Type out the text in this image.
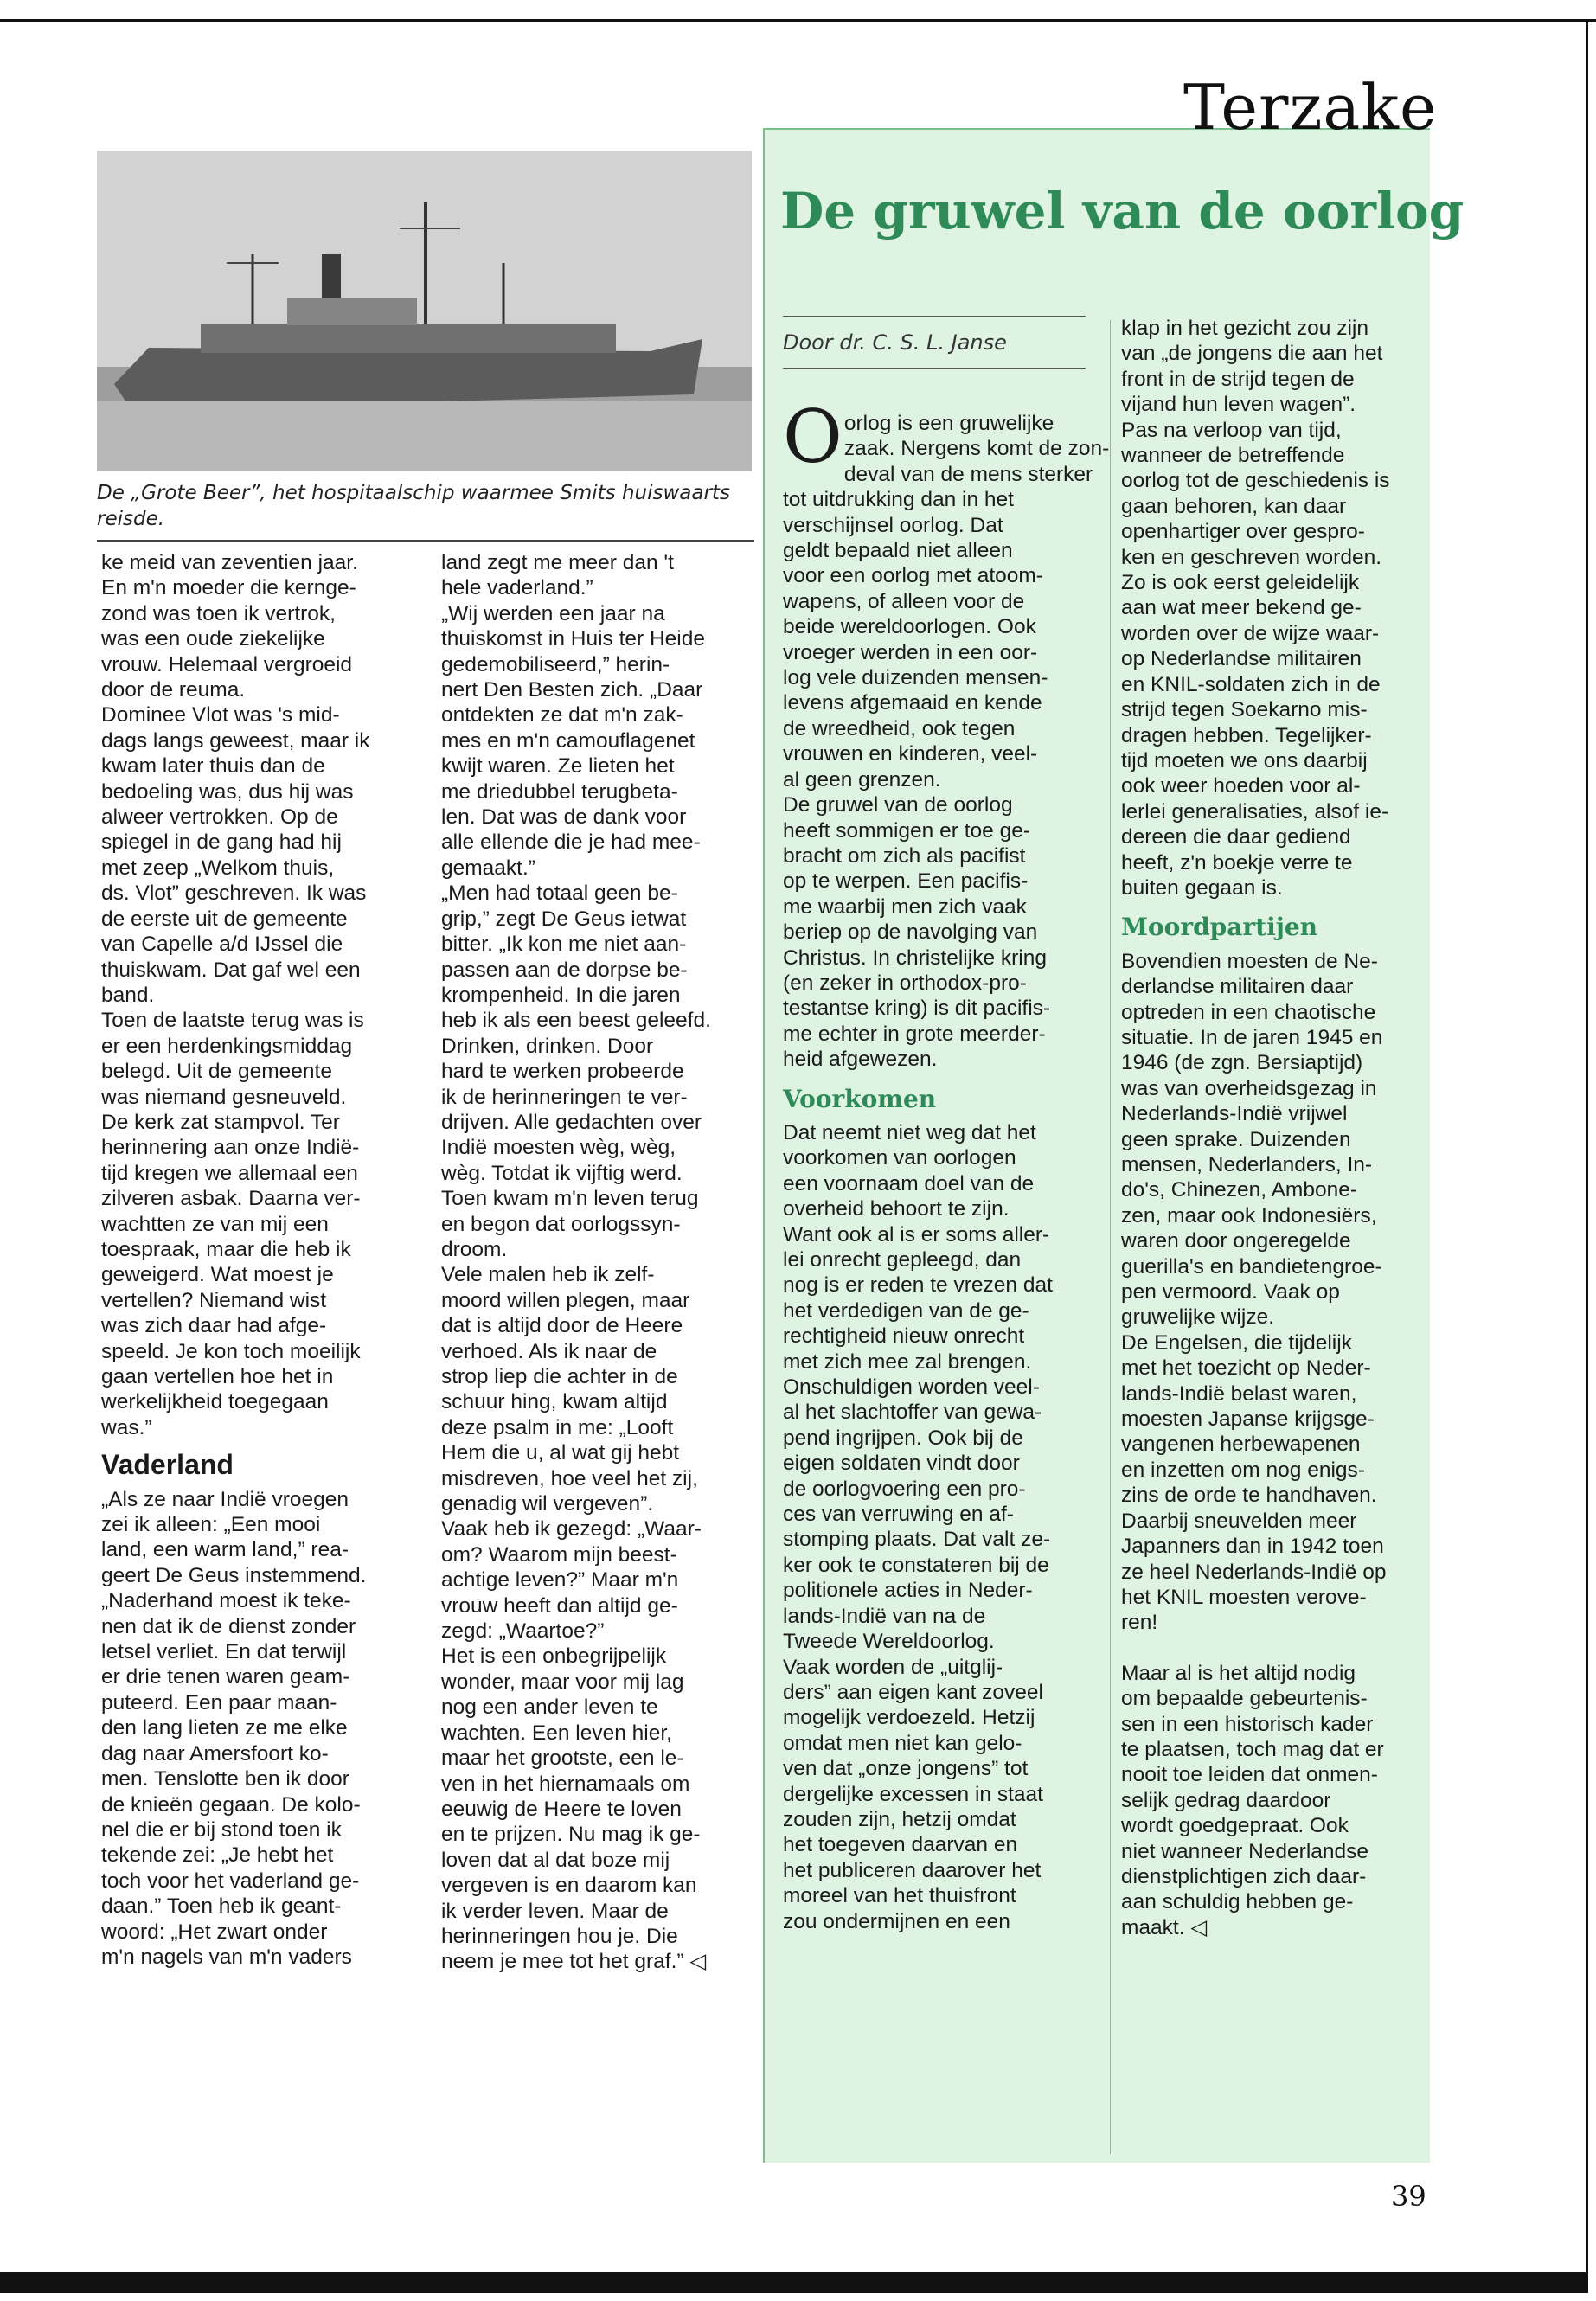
Terzake
De gruwel van de oorlog
De „Grote Beer”, het hospitaalschip waarmee Smits huiswaarts reisde.

ke meid van zeventien jaar.
En m'n moeder die kernge-
zond was toen ik vertrok,
was een oude ziekelijke
vrouw. Helemaal vergroeid
door de reuma.

Dominee Vlot was 's mid-
dags langs geweest, maar ik
kwam later thuis dan de
bedoeling was, dus hij was
alweer vertrokken. Op de
spiegel in de gang had hij
met zeep „Welkom thuis,
ds. Vlot” geschreven. Ik was
de eerste uit de gemeente
van Capelle a/d IJssel die
thuiskwam. Dat gaf wel een
band.

Toen de laatste terug was is
er een herdenkingsmiddag
belegd. Uit de gemeente
was niemand gesneuveld.
De kerk zat stampvol. Ter
herinnering aan onze Indië-
tijd kregen we allemaal een
zilveren asbak. Daarna ver-
wachtten ze van mij een
toespraak, maar die heb ik
geweigerd. Wat moest je
vertellen? Niemand wist
was zich daar had afge-
speeld. Je kon toch moeilijk
gaan vertellen hoe het in
werkelijkheid toegegaan
was.”

Vaderland

„Als ze naar Indië vroegen
zei ik alleen: „Een mooi
land, een warm land,” rea-
geert De Geus instemmend.
„Naderhand moest ik teke-
nen dat ik de dienst zonder
letsel verliet. En dat terwijl
er drie tenen waren geam-
puteerd. Een paar maan-
den lang lieten ze me elke
dag naar Amersfoort ko-
men. Tenslotte ben ik door
de knieën gegaan. De kolo-
nel die er bij stond toen ik
tekende zei: „Je hebt het
toch voor het vaderland ge-
daan.” Toen heb ik geant-
woord: „Het zwart onder
m'n nagels van m'n vaders

land zegt me meer dan 't
hele vaderland.”

„Wij werden een jaar na
thuiskomst in Huis ter Heide
gedemobiliseerd,” herin-
nert Den Besten zich. „Daar
ontdekten ze dat m'n zak-
mes en m'n camouflagenet
kwijt waren. Ze lieten het
me driedubbel terugbeta-
len. Dat was de dank voor
alle ellende die je had mee-
gemaakt.”

„Men had totaal geen be-
grip,” zegt De Geus ietwat
bitter. „Ik kon me niet aan-
passen aan de dorpse be-
krompenheid. In die jaren
heb ik als een beest geleefd.
Drinken, drinken. Door
hard te werken probeerde
ik de herinneringen te ver-
drijven. Alle gedachten over
Indië moesten wèg, wèg,
wèg. Totdat ik vijftig werd.
Toen kwam m'n leven terug
en begon dat oorlogssyn-
droom.

Vele malen heb ik zelf-
moord willen plegen, maar
dat is altijd door de Heere
verhoed. Als ik naar de
strop liep die achter in de
schuur hing, kwam altijd
deze psalm in me: „Looft
Hem die u, al wat gij hebt
misdreven, hoe veel het zij,
genadig wil vergeven”.

Vaak heb ik gezegd: „Waar-
om? Waarom mijn beest-
achtige leven?” Maar m'n
vrouw heeft dan altijd ge-
zegd: „Waartoe?”

Het is een onbegrijpelijk
wonder, maar voor mij lag
nog een ander leven te
wachten. Een leven hier,
maar het grootste, een le-
ven in het hiernamaals om
eeuwig de Heere te loven
en te prijzen. Nu mag ik ge-
loven dat al dat boze mij
vergeven is en daarom kan
ik verder leven. Maar de
herinneringen hou je. Die
neem je mee tot het graf.” ◁

Door dr. C. S. L. Janse

Oorlog is een gruwelijke
zaak. Nergens komt de zon-
deval van de mens sterker
tot uitdrukking dan in het
verschijnsel oorlog. Dat
geldt bepaald niet alleen
voor een oorlog met atoom-
wapens, of alleen voor de
beide wereldoorlogen. Ook
vroeger werden in een oor-
log vele duizenden mensen-
levens afgemaaid en kende
de wreedheid, ook tegen
vrouwen en kinderen, veel-
al geen grenzen.

De gruwel van de oorlog
heeft sommigen er toe ge-
bracht om zich als pacifist
op te werpen. Een pacifis-
me waarbij men zich vaak
beriep op de navolging van
Christus. In christelijke kring
(en zeker in orthodox-pro-
testantse kring) is dit pacifis-
me echter in grote meerder-
heid afgewezen.

Voorkomen

Dat neemt niet weg dat het
voorkomen van oorlogen
een voornaam doel van de
overheid behoort te zijn.
Want ook al is er soms aller-
lei onrecht gepleegd, dan
nog is er reden te vrezen dat
het verdedigen van de ge-
rechtigheid nieuw onrecht
met zich mee zal brengen.
Onschuldigen worden veel-
al het slachtoffer van gewa-
pend ingrijpen. Ook bij de
eigen soldaten vindt door
de oorlogvoering een pro-
ces van verruwing en af-
stomping plaats. Dat valt ze-
ker ook te constateren bij de
politionele acties in Neder-
lands-Indië van na de
Tweede Wereldoorlog.

Vaak worden de „uitglij-
ders” aan eigen kant zoveel
mogelijk verdoezeld. Hetzij
omdat men niet kan gelo-
ven dat „onze jongens” tot
dergelijke excessen in staat
zouden zijn, hetzij omdat
het toegeven daarvan en
het publiceren daarover het
moreel van het thuisfront
zou ondermijnen en een

klap in het gezicht zou zijn
van „de jongens die aan het
front in de strijd tegen de
vijand hun leven wagen”.
Pas na verloop van tijd,
wanneer de betreffende
oorlog tot de geschiedenis is
gaan behoren, kan daar
openhartiger over gespro-
ken en geschreven worden.
Zo is ook eerst geleidelijk
aan wat meer bekend ge-
worden over de wijze waar-
op Nederlandse militairen
en KNIL-soldaten zich in de
strijd tegen Soekarno mis-
dragen hebben. Tegelijker-
tijd moeten we ons daarbij
ook weer hoeden voor al-
lerlei generalisaties, alsof ie-
dereen die daar gediend
heeft, z'n boekje verre te
buiten gegaan is.

Moordpartijen

Bovendien moesten de Ne-
derlandse militairen daar
optreden in een chaotische
situatie. In de jaren 1945 en
1946 (de zgn. Bersiaptijd)
was van overheidsgezag in
Nederlands-Indië vrijwel
geen sprake. Duizenden
mensen, Nederlanders, In-
do's, Chinezen, Ambone-
zen, maar ook Indonesiërs,
waren door ongeregelde
guerilla's en bandietengroe-
pen vermoord. Vaak op
gruwelijke wijze.

De Engelsen, die tijdelijk
met het toezicht op Neder-
lands-Indië belast waren,
moesten Japanse krijgsge-
vangenen herbewapenen
en inzetten om nog enigs-
zins de orde te handhaven.
Daarbij sneuvelden meer
Japanners dan in 1942 toen
ze heel Nederlands-Indië op
het KNIL moesten verove-
ren!

Maar al is het altijd nodig
om bepaalde gebeurtenis-
sen in een historisch kader
te plaatsen, toch mag dat er
nooit toe leiden dat onmen-
selijk gedrag daardoor
wordt goedgepraat. Ook
niet wanneer Nederlandse
dienstplichtigen zich daar-
aan schuldig hebben ge-
maakt. ◁

39
